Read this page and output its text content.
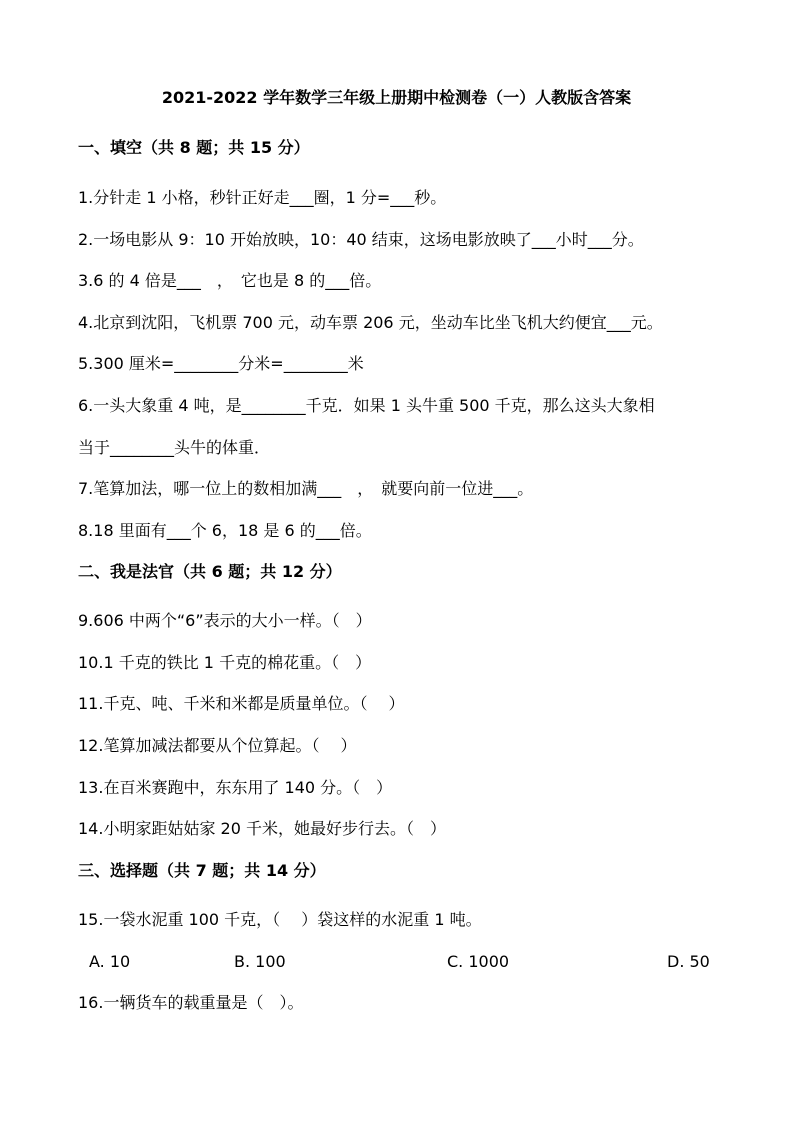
2021-2022 学年数学三年级上册期中检测卷（一）人教版含答案
一、填空（共 8 题；共 15 分）
1.分针走 1 小格，秒针正好走___圈，1 分=___秒。
2.一场电影从 9：10 开始放映，10：40 结束，这场电影放映了___小时___分。
3.6 的 4 倍是___　，　它也是 8 的___倍。
4.北京到沈阳，飞机票 700 元，动车票 206 元，坐动车比坐飞机大约便宜___元。
5.300 厘米=________分米=________米
6.一头大象重 4 吨，是________千克．如果 1 头牛重 500 千克，那么这头大象相
当于________头牛的体重．
7.笔算加法，哪一位上的数相加满___　，　就要向前一位进___。
8.18 里面有___个 6，18 是 6 的___倍。
二、我是法官（共 6 题；共 12 分）
9.606 中两个“6”表示的大小一样。（　）
10.1 千克的铁比 1 千克的棉花重。（　）
11.千克、吨、千米和米都是质量单位。（　 ）
12.笔算加减法都要从个位算起。（　 ）
13.在百米赛跑中，东东用了 140 分。（　）
14.小明家距姑姑家 20 千米，她最好步行去。（　）
三、选择题（共 7 题；共 14 分）
15.一袋水泥重 100 千克，（　 ）袋这样的水泥重 1 吨。
A. 10	B. 100	C. 1000	D. 50
16.一辆货车的载重量是（　）。
